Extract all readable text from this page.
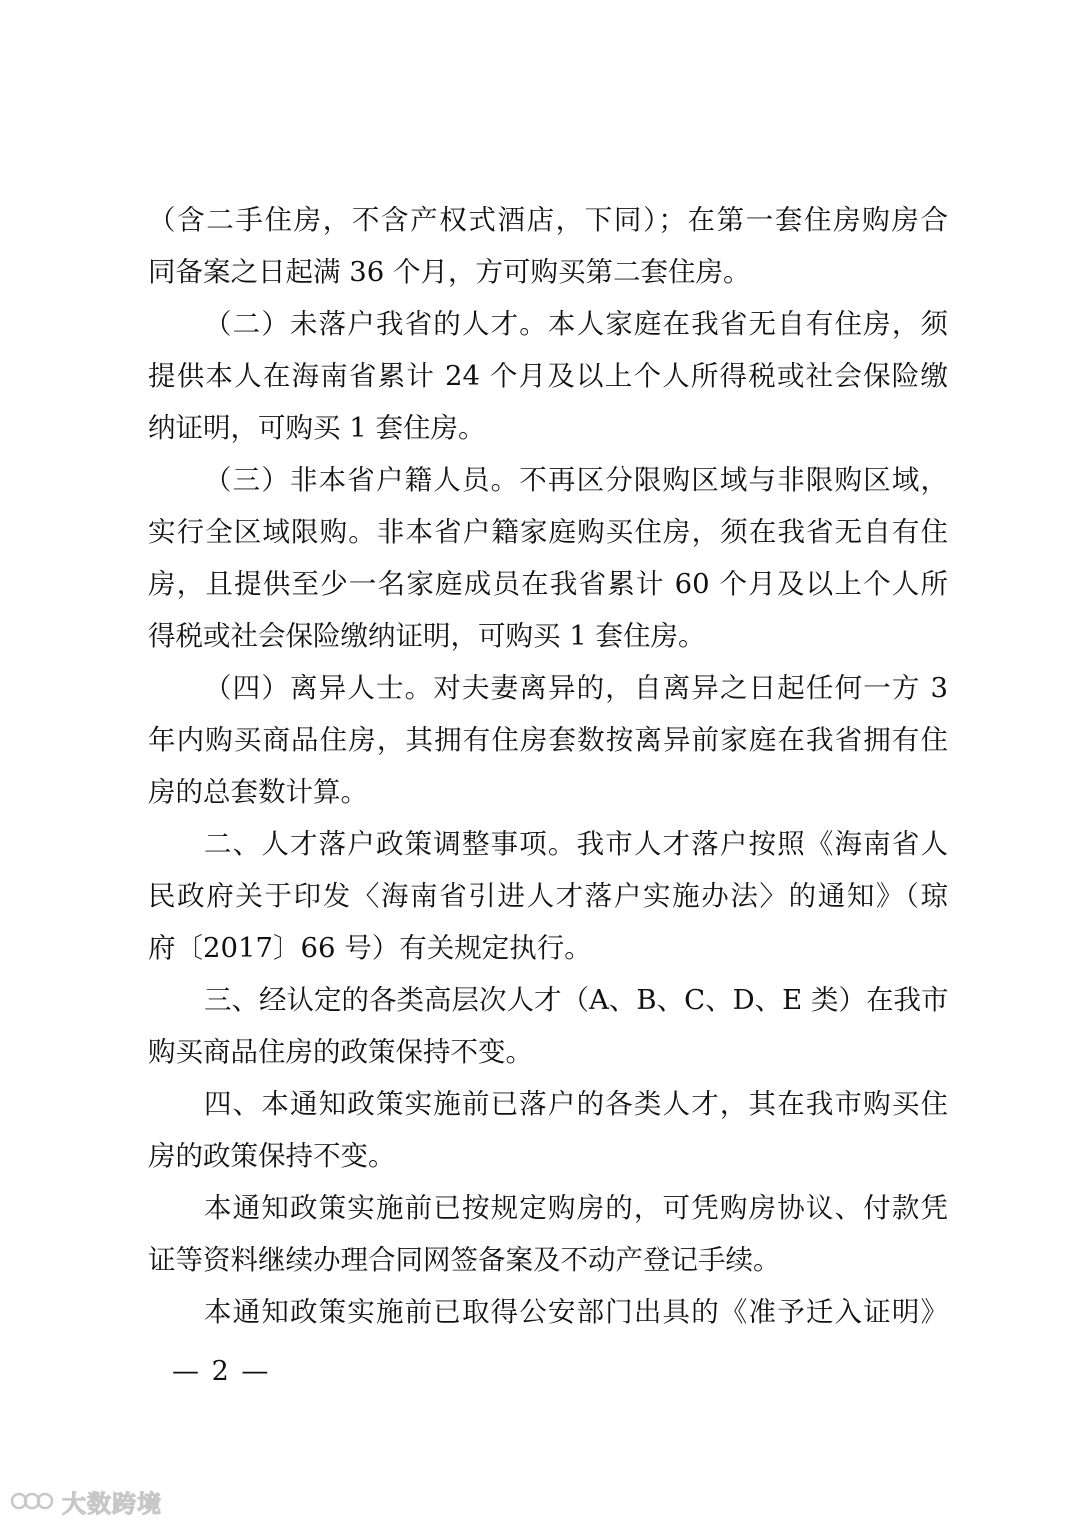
（含二手住房，不含产权式酒店，下同）；在第一套住房购房合
同备案之日起满 36 个月，方可购买第二套住房。
（二）未落户我省的人才。本人家庭在我省无自有住房，须
提供本人在海南省累计 24 个月及以上个人所得税或社会保险缴
纳证明，可购买 1 套住房。
（三）非本省户籍人员。不再区分限购区域与非限购区域，
实行全区域限购。非本省户籍家庭购买住房，须在我省无自有住
房，且提供至少一名家庭成员在我省累计 60 个月及以上个人所
得税或社会保险缴纳证明，可购买 1 套住房。
（四）离异人士。对夫妻离异的，自离异之日起任何一方 3
年内购买商品住房，其拥有住房套数按离异前家庭在我省拥有住
房的总套数计算。
二、人才落户政策调整事项。我市人才落户按照《海南省人
民政府关于印发〈海南省引进人才落户实施办法〉的通知》（琼
府〔2017〕66 号）有关规定执行。
三、经认定的各类高层次人才（A、B、C、D、E 类）在我市
购买商品住房的政策保持不变。
四、本通知政策实施前已落户的各类人才，其在我市购买住
房的政策保持不变。
本通知政策实施前已按规定购房的，可凭购房协议、付款凭
证等资料继续办理合同网签备案及不动产登记手续。
本通知政策实施前已取得公安部门出具的《准予迁入证明》
— 2 —
大数跨境
